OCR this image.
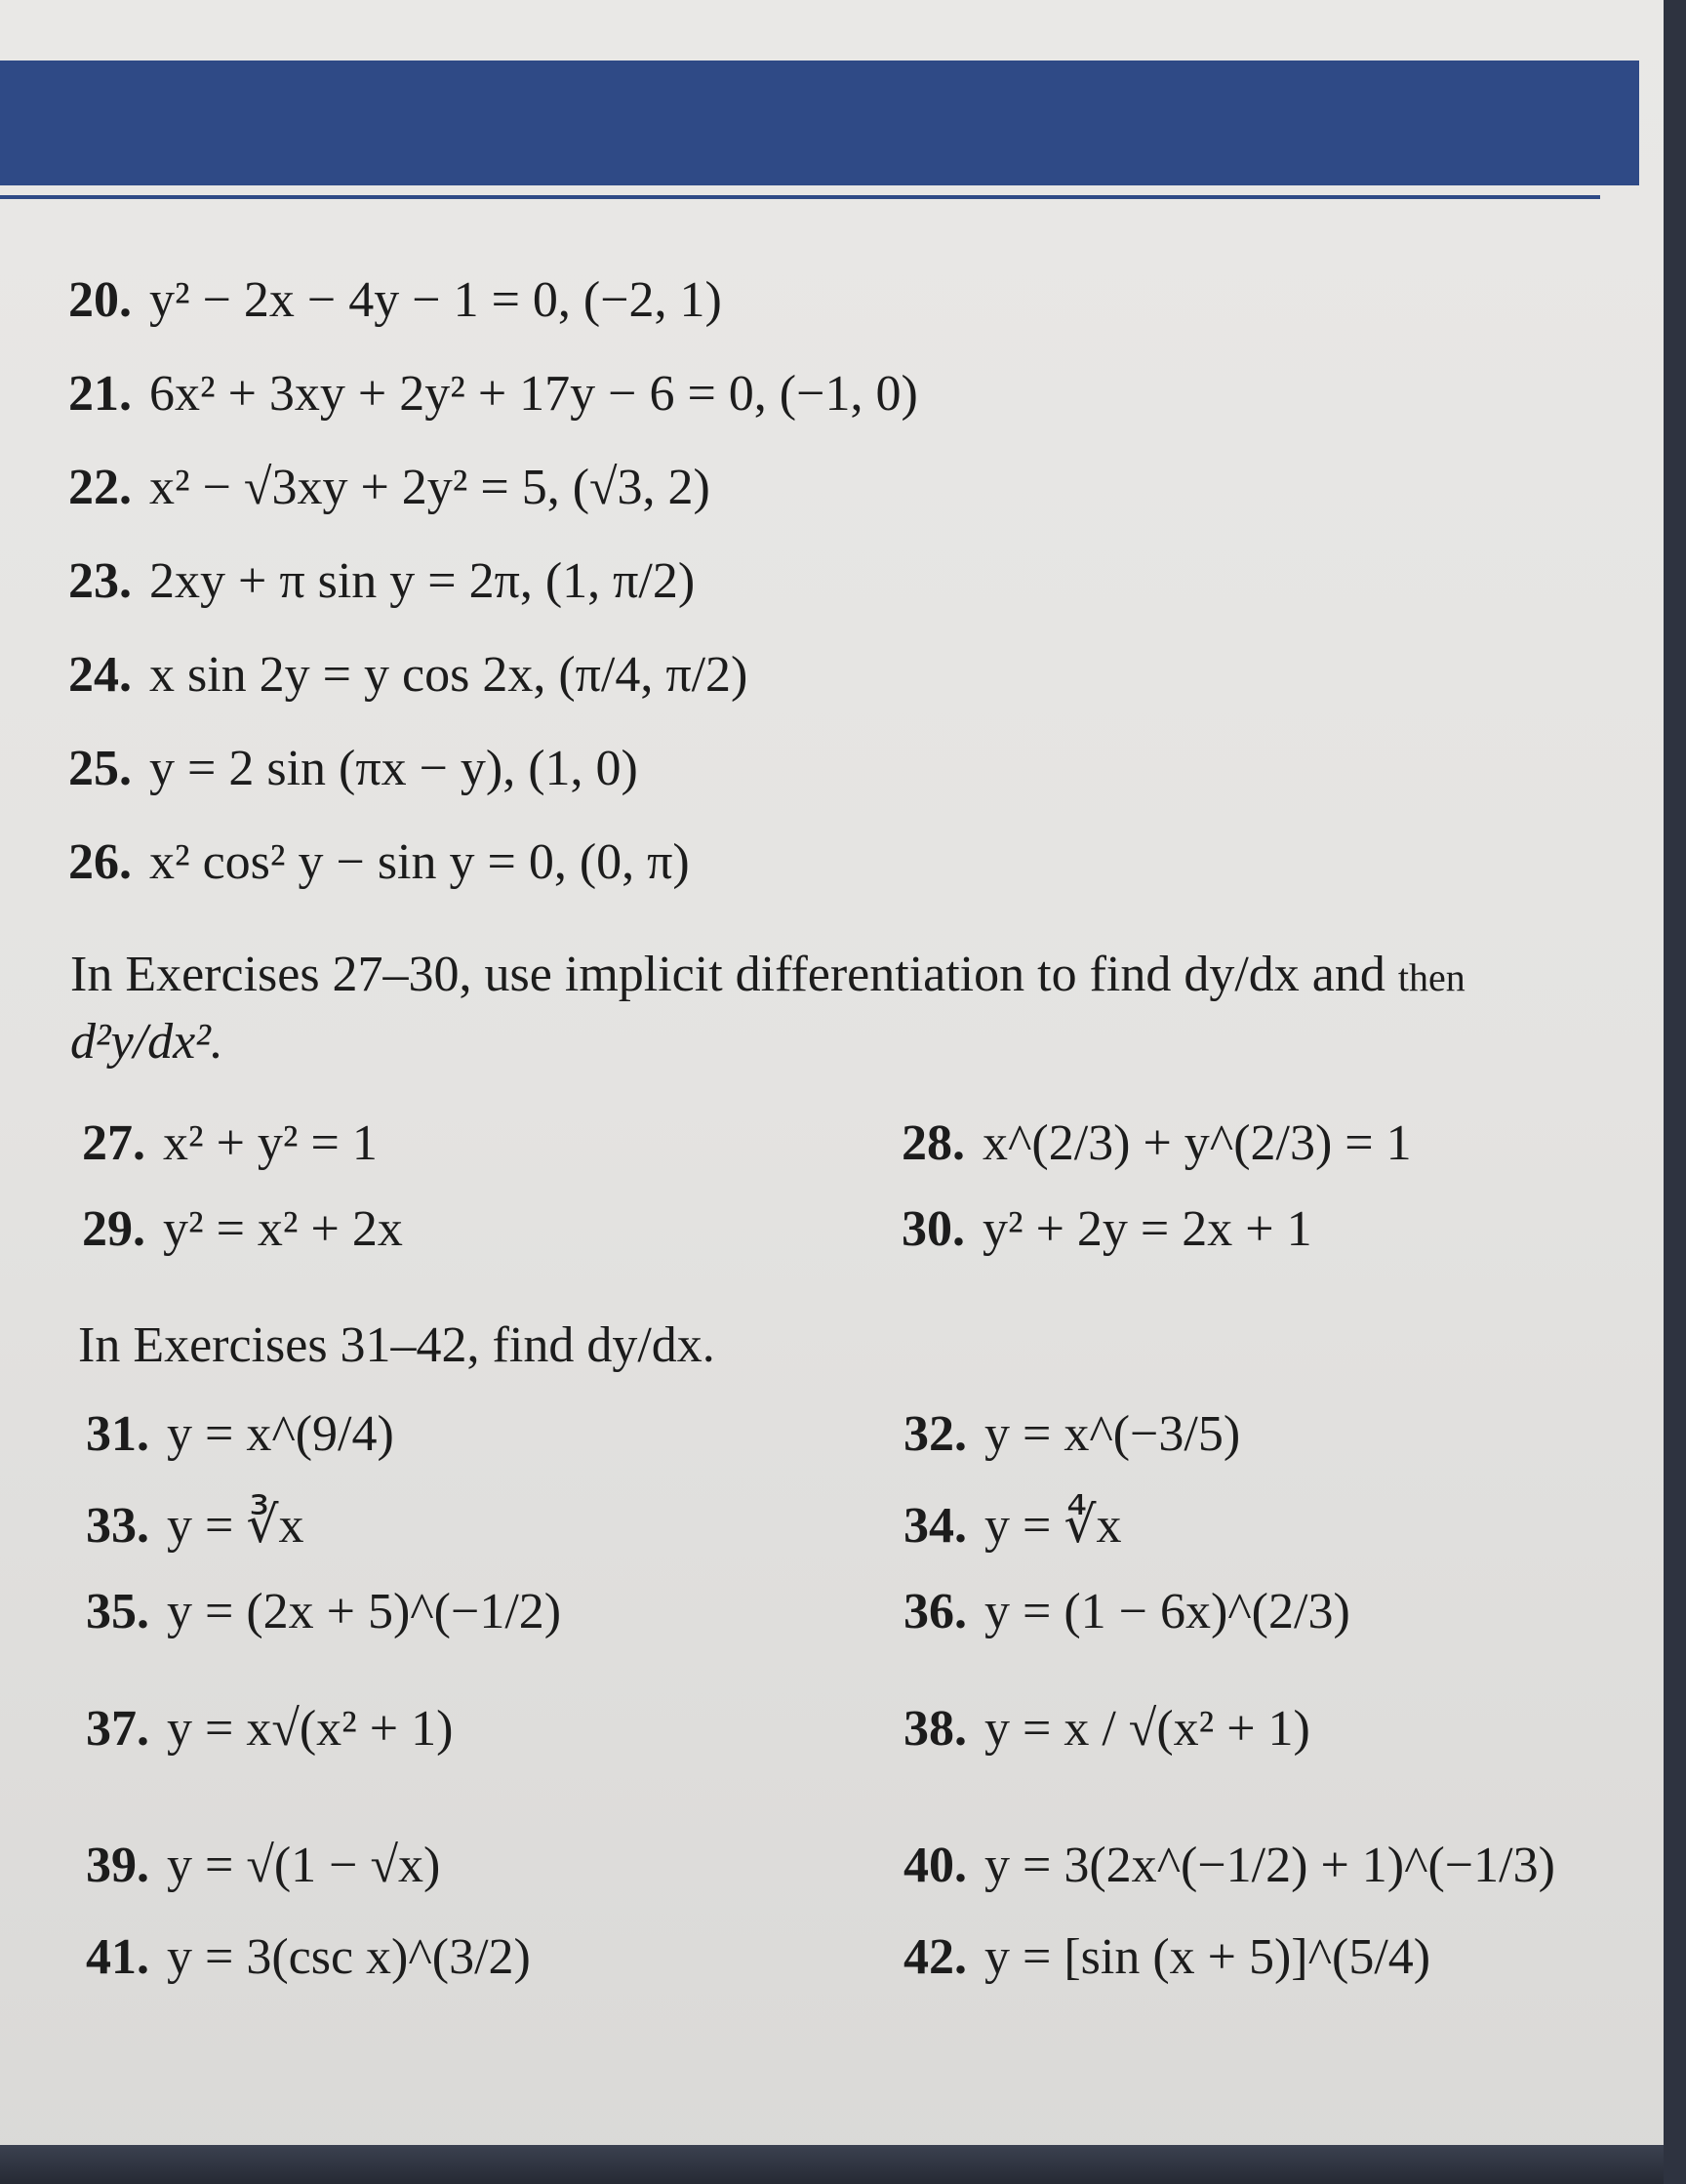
20. y² − 2x − 4y − 1 = 0, (−2, 1)
21. 6x² + 3xy + 2y² + 17y − 6 = 0, (−1, 0)
22. x² − √3xy + 2y² = 5, (√3, 2)
23. 2xy + π sin y = 2π, (1, π/2)
24. x sin 2y = y cos 2x, (π/4, π/2)
25. y = 2 sin (πx − y), (1, 0)
26. x² cos² y − sin y = 0, (0, π)
In Exercises 27–30, use implicit differentiation to find dy/dx and then
d²y/dx².
27. x² + y² = 1	28. x^(2/3) + y^(2/3) = 1
29. y² = x² + 2x	30. y² + 2y = 2x + 1
In Exercises 31–42, find dy/dx.
31. y = x^(9/4)	32. y = x^(−3/5)
33. y = ∛x	34. y = ∜x
35. y = (2x + 5)^(−1/2)	36. y = (1 − 6x)^(2/3)
37. y = x√(x² + 1)	38. y = x / √(x² + 1)
39. y = √(1 − √x)	40. y = 3(2x^(−1/2) + 1)^(−1/3)
41. y = 3(csc x)^(3/2)	42. y = [sin (x + 5)]^(5/4)
